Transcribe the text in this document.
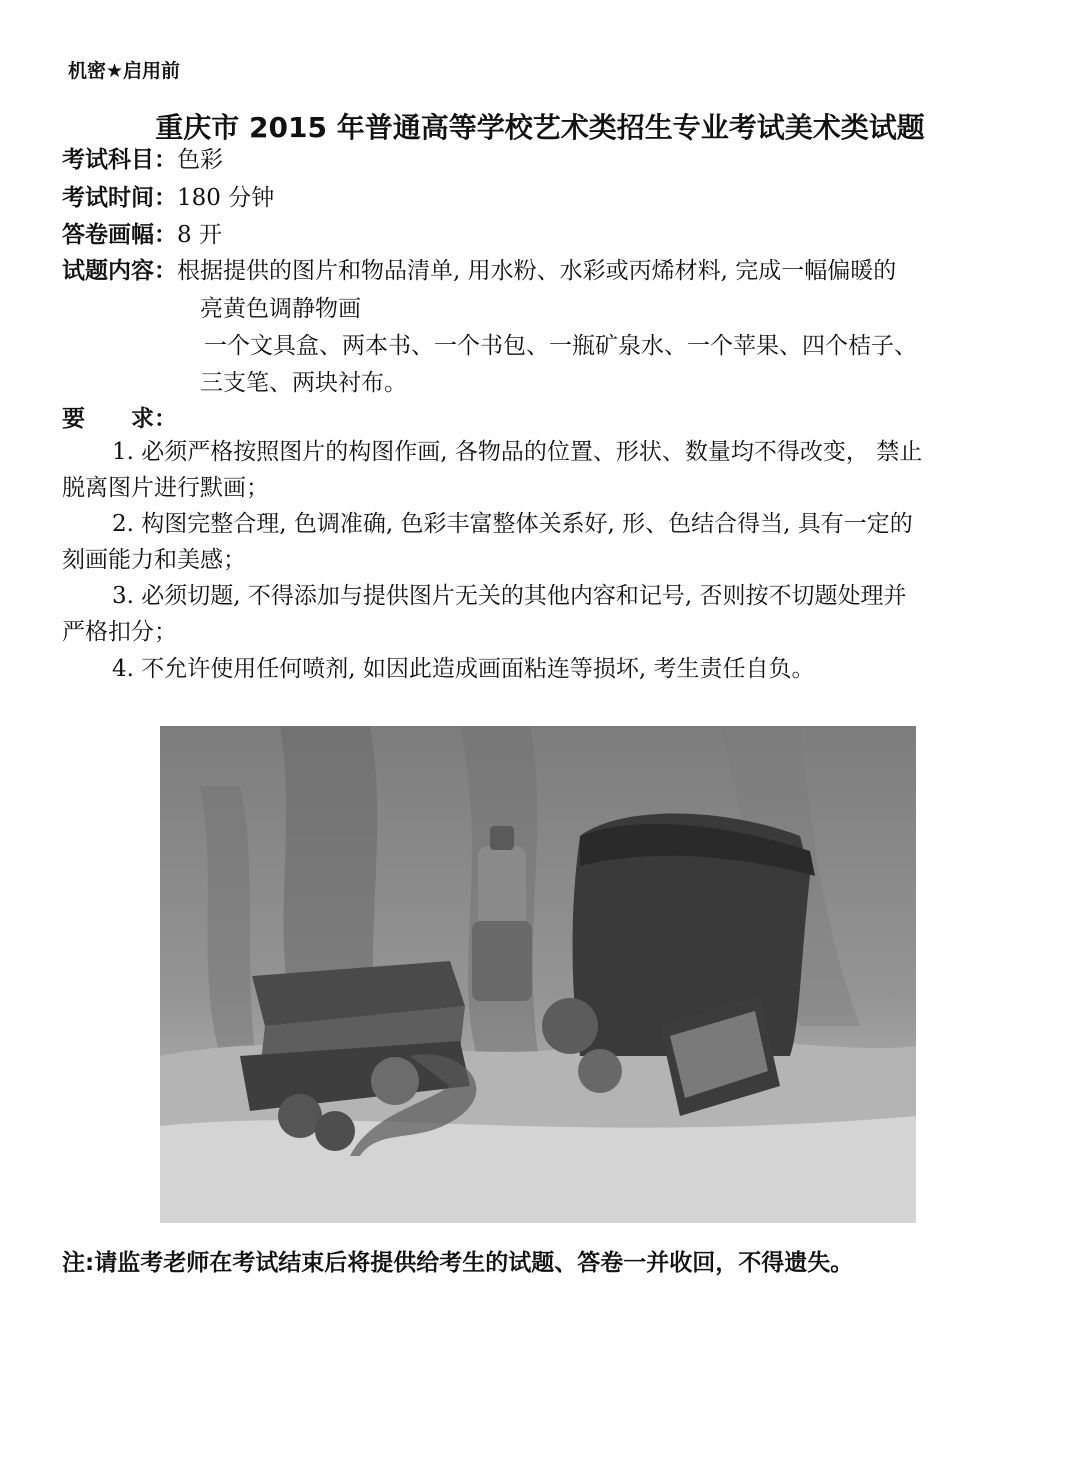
机密★启用前
重庆市 2015 年普通高等学校艺术类招生专业考试美术类试题
考试科目：色彩
考试时间：180 分钟
答卷画幅：8 开
试题内容：根据提供的图片和物品清单, 用水粉、水彩或丙烯材料, 完成一幅偏暖的
亮黄色调静物画
一个文具盒、两本书、一个书包、一瓶矿泉水、一个苹果、四个桔子、
三支笔、两块衬布。
要 求：
1. 必须严格按照图片的构图作画, 各物品的位置、形状、数量均不得改变， 禁止
脱离图片进行默画；
2. 构图完整合理, 色调准确, 色彩丰富整体关系好, 形、色结合得当, 具有一定的
刻画能力和美感；
3. 必须切题, 不得添加与提供图片无关的其他内容和记号, 否则按不切题处理并
严格扣分；
4. 不允许使用任何喷剂, 如因此造成画面粘连等损坏, 考生责任自负。
注:请监考老师在考试结束后将提供给考生的试题、答卷一并收回，不得遗失。
